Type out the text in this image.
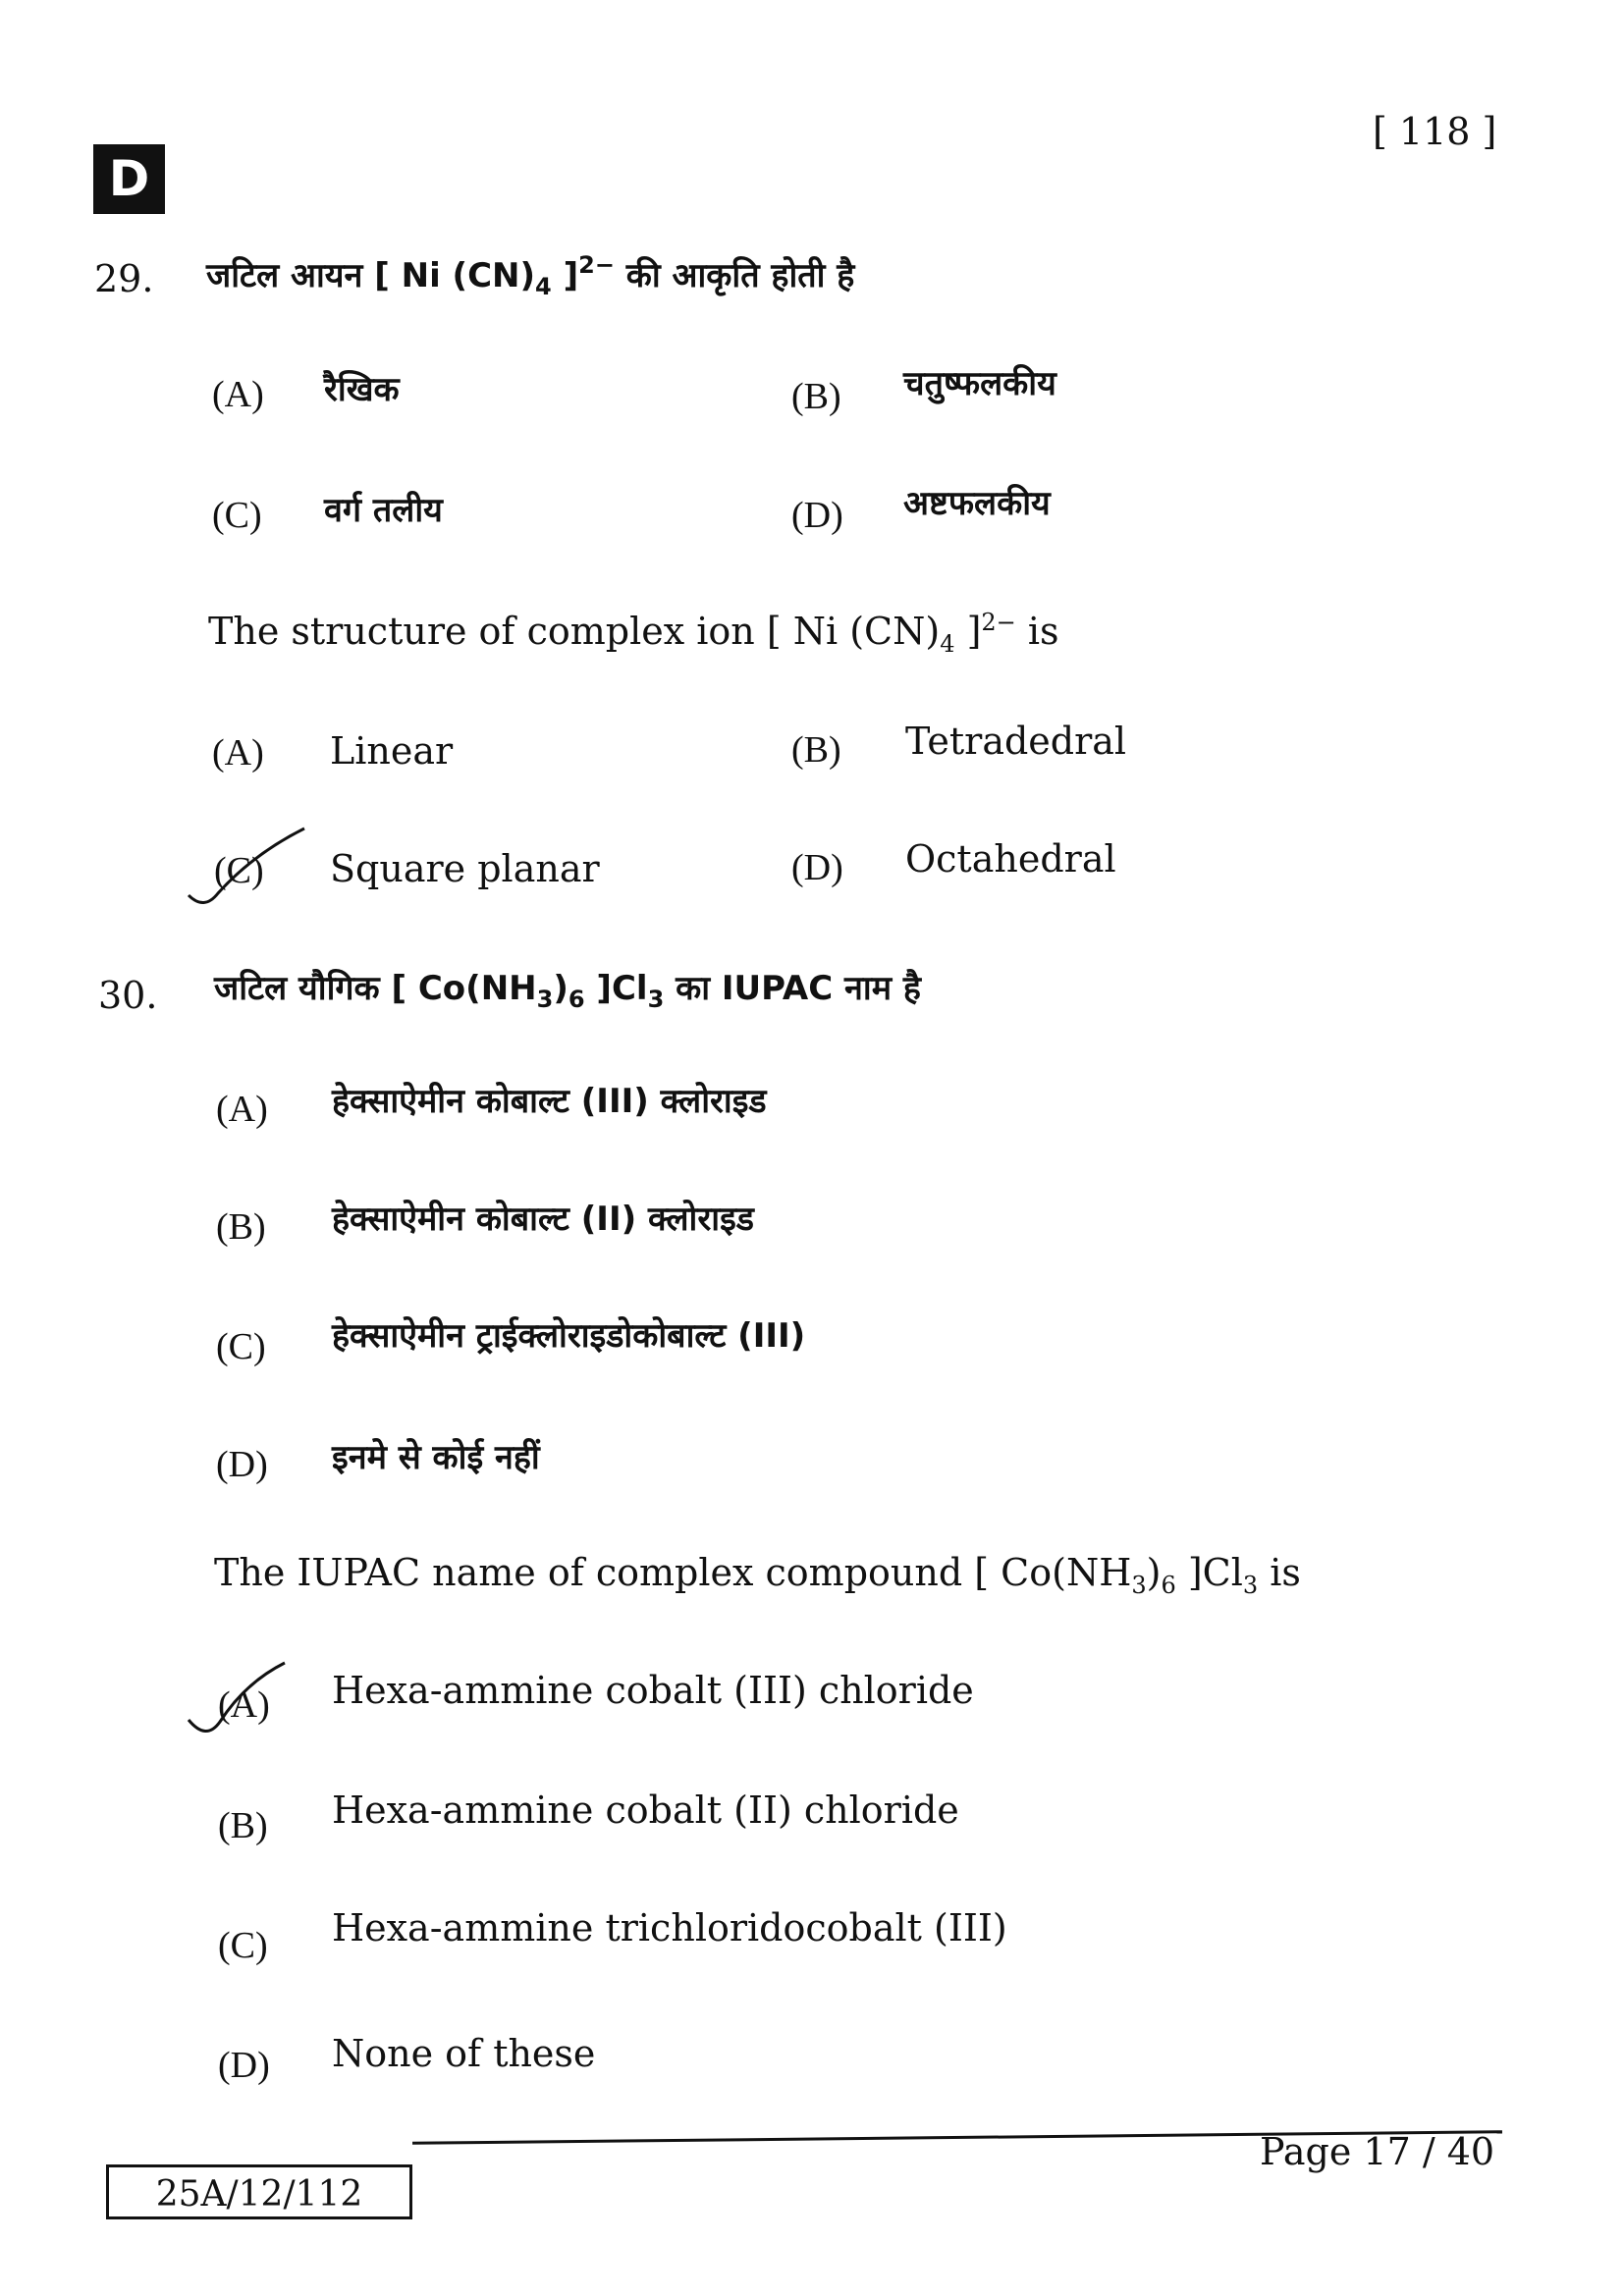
[ 118 ]
D
29. जटिल आयन [ Ni $(CN)_4$ ]$^{2-}$ की आकृति होती है
(A) रैखिक	(B) चतुष्फलकीय
(C) वर्ग तलीय	(D) अष्टफलकीय
The structure of complex ion [ Ni $(CN)_4$ ]$^{2-}$ is
(A) Linear	(B) Tetradedral
(C) Square planar	(D) Octahedral
30. जटिल यौगिक [ $Co(NH_3)_6$ ]$Cl_3$ का IUPAC नाम है
(A) हेक्साऐमीन कोबाल्ट (III) क्लोराइड
(B) हेक्साऐमीन कोबाल्ट (II) क्लोराइड
(C) हेक्साऐमीन ट्राईक्लोराइडोकोबाल्ट (III)
(D) इनमे से कोई नहीं
The IUPAC name of complex compound [ $Co(NH_3)_6$ ]$Cl_3$ is
(A) Hexa-ammine cobalt (III) chloride
(B) Hexa-ammine cobalt (II) chloride
(C) Hexa-ammine trichloridocobalt (III)
(D) None of these
25A/12/112
Page 17 / 40
